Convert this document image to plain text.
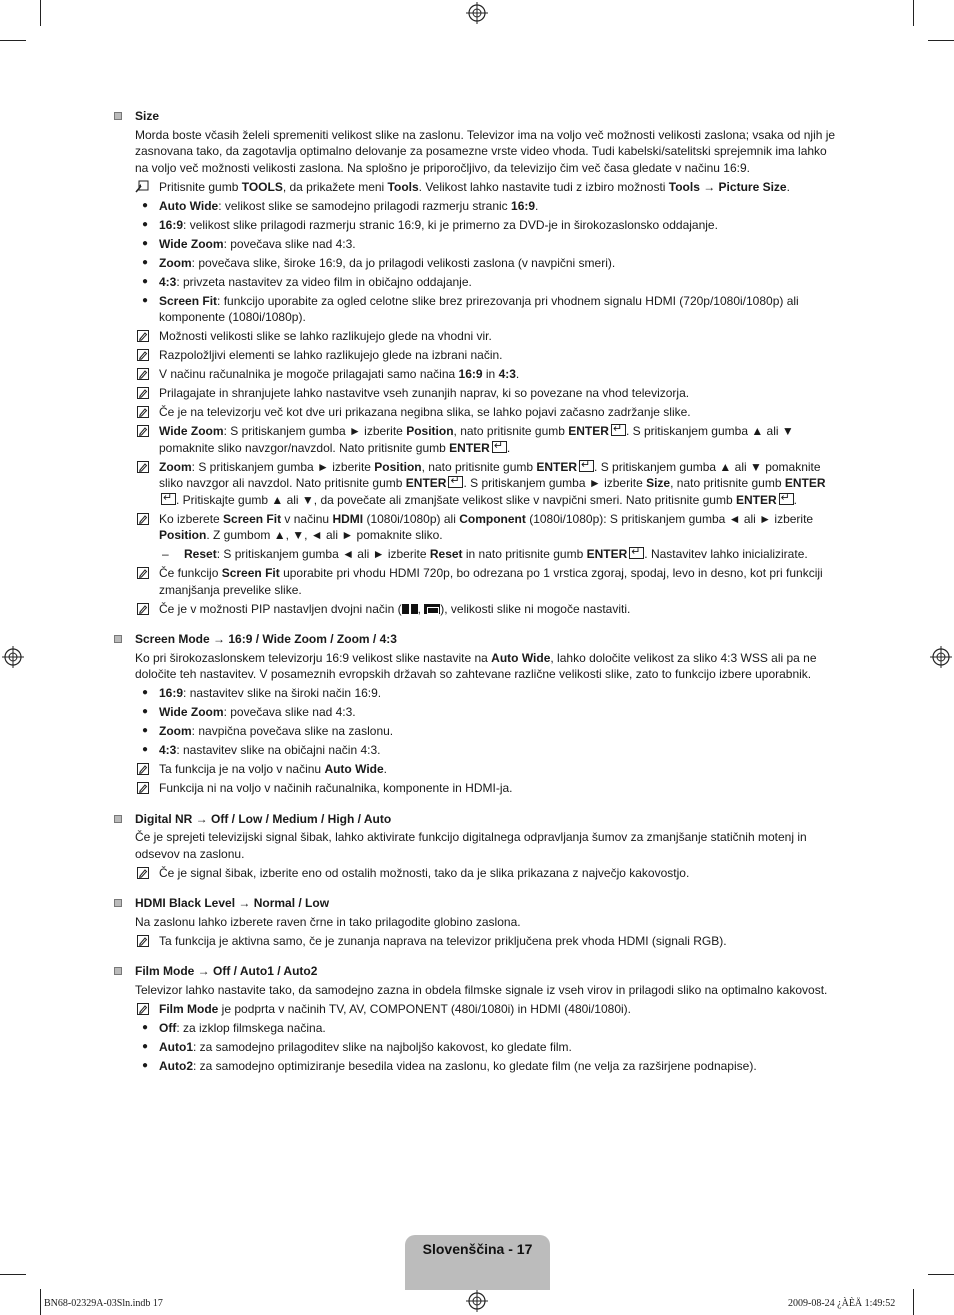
Size
Morda boste včasih želeli spremeniti velikost slike na zaslonu. Televizor ima na voljo več možnosti velikosti zaslona; vsaka od njih je zasnovana tako, da zagotavlja optimalno delovanje za posamezne vrste video vhoda. Tudi kabelski/satelitski sprejemnik ima lahko na voljo več možnosti velikosti zaslona. Na splošno je priporočljivo, da televizijo čim več časa gledate v načinu 16:9.
Pritisnite gumb TOOLS, da prikažete meni Tools. Velikost lahko nastavite tudi z izbiro možnosti Tools → Picture Size.
● Auto Wide: velikost slike se samodejno prilagodi razmerju stranic 16:9.
● 16:9: velikost slike prilagodi razmerju stranic 16:9, ki je primerno za DVD-je in širokozaslonsko oddajanje.
● Wide Zoom: povečava slike nad 4:3.
● Zoom: povečava slike, široke 16:9, da jo prilagodi velikosti zaslona (v navpični smeri).
● 4:3: privzeta nastavitev za video film in običajno oddajanje.
● Screen Fit: funkcijo uporabite za ogled celotne slike brez prirezovanja pri vhodnem signalu HDMI (720p/1080i/1080p) ali komponente (1080i/1080p).
Možnosti velikosti slike se lahko razlikujejo glede na vhodni vir.
Razpoložljivi elementi se lahko razlikujejo glede na izbrani način.
V načinu računalnika je mogoče prilagajati samo načina 16:9 in 4:3.
Prilagajate in shranjujete lahko nastavitve vseh zunanjih naprav, ki so povezane na vhod televizorja.
Če je na televizorju več kot dve uri prikazana negibna slika, se lahko pojavi začasno zadržanje slike.
Wide Zoom: S pritiskanjem gumba ► izberite Position, nato pritisnite gumb ENTER ↵ . S pritiskanjem gumba ▲ ali ▼ pomaknite sliko navzgor/navzdol. Nato pritisnite gumb ENTER ↵ .
Zoom: S pritiskanjem gumba ► izberite Position, nato pritisnite gumb ENTER ↵ . S pritiskanjem gumba ▲ ali ▼ pomaknite sliko navzgor ali navzdol. Nato pritisnite gumb ENTER ↵ . S pritiskanjem gumba ► izberite Size, nato pritisnite gumb ENTER↵. Pritiskajte gumb ▲ ali ▼, da povečate ali zmanjšate velikost slike v navpični smeri. Nato pritisnite gumb ENTER ↵ .
Ko izberete Screen Fit v načinu HDMI (1080i/1080p) ali Component (1080i/1080p): S pritiskanjem gumba ◄ ali ► izberite Position. Z gumbom ▲, ▼, ◄ ali ► pomaknite sliko.
– Reset: S pritiskanjem gumba ◄ ali ► izberite Reset in nato pritisnite gumb ENTER ↵ . Nastavitev lahko inicializirate.
Če funkcijo Screen Fit uporabite pri vhodu HDMI 720p, bo odrezana po 1 vrstica zgoraj, spodaj, levo in desno, kot pri funkciji zmanjšanja prevelike slike.
Če je v možnosti PIP nastavljen dvojni način ( , ), velikosti slike ni mogoče nastaviti.
Screen Mode → 16:9 / Wide Zoom / Zoom / 4:3
Ko pri širokozaslonskem televizorju 16:9 velikost slike nastavite na Auto Wide, lahko določite velikost za sliko 4:3 WSS ali pa ne določite teh nastavitev. V posameznih evropskih državah so zahtevane različne velikosti slike, zato to funkcijo izbere uporabnik.
● 16:9: nastavitev slike na široki način 16:9.
● Wide Zoom: povečava slike nad 4:3.
● Zoom: navpična povečava slike na zaslonu.
● 4:3: nastavitev slike na običajni način 4:3.
Ta funkcija je na voljo v načinu Auto Wide.
Funkcija ni na voljo v načinih računalnika, komponente in HDMI-ja.
Digital NR → Off / Low / Medium / High / Auto
Če je sprejeti televizijski signal šibak, lahko aktivirate funkcijo digitalnega odpravljanja šumov za zmanjšanje statičnih motenj in odsevov na zaslonu.
Če je signal šibak, izberite eno od ostalih možnosti, tako da je slika prikazana z največjo kakovostjo.
HDMI Black Level → Normal / Low
Na zaslonu lahko izberete raven črne in tako prilagodite globino zaslona.
Ta funkcija je aktivna samo, če je zunanja naprava na televizor priključena prek vhoda HDMI (signali RGB).
Film Mode → Off / Auto1 / Auto2
Televizor lahko nastavite tako, da samodejno zazna in obdela filmske signale iz vseh virov in prilagodi sliko na optimalno kakovost.
Film Mode je podprta v načinih TV, AV, COMPONENT (480i/1080i) in HDMI (480i/1080i).
● Off: za izklop filmskega načina.
● Auto1: za samodejno prilagoditev slike na najboljšo kakovost, ko gledate film.
● Auto2: za samodejno optimiziranje besedila videa na zaslonu, ko gledate film (ne velja za razširjene podnapise).
Slovenščina - 17
BN68-02329A-03Sln.indb 17	2009-08-24 ¿ÀÈÄ 1:49:52
